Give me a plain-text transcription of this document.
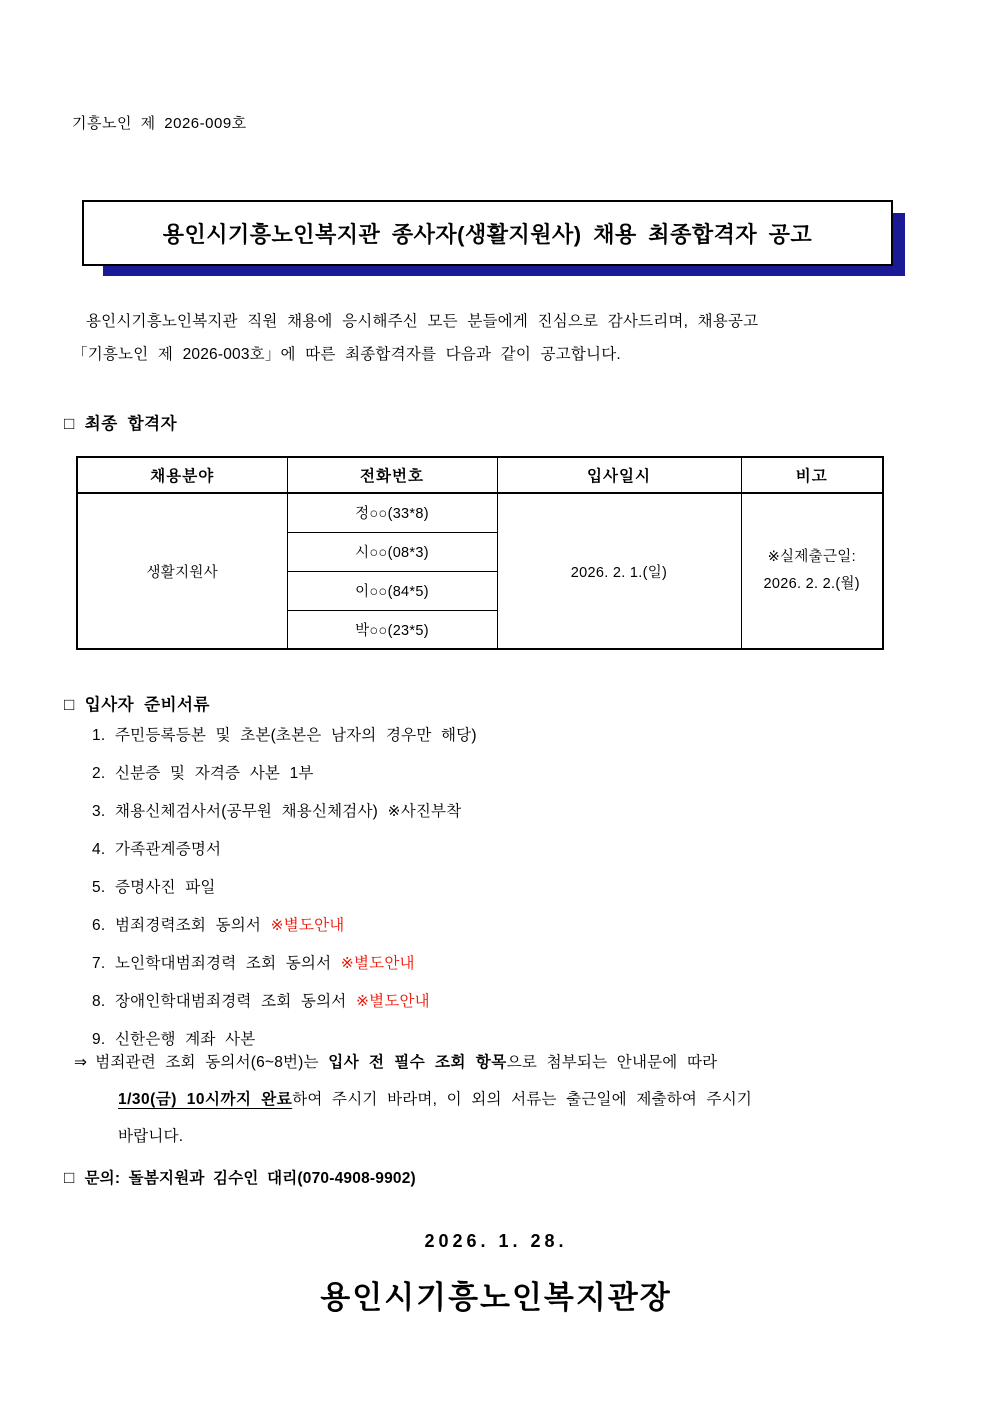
기흥노인 제 2026-009호
용인시기흥노인복지관 종사자(생활지원사) 채용 최종합격자 공고
용인시기흥노인복지관 직원 채용에 응시해주신 모든 분들에게 진심으로 감사드리며, 채용공고
「기흥노인 제 2026-003호」에 따른 최종합격자를 다음과 같이 공고합니다.
□ 최종 합격자
채용분야	전화번호	입사일시	비고
생활지원사	정○○(33*8)	2026. 2. 1.(일)	※실제출근일:
2026. 2. 2.(월)

	시○○(08*3)		
	이○○(84*5)		
	박○○(23*5)		
□ 입사자 준비서류
1. 주민등록등본 및 초본(초본은 남자의 경우만 해당)
2. 신분증 및 자격증 사본 1부
3. 채용신체검사서(공무원 채용신체검사) ※사진부착
4. 가족관계증명서
5. 증명사진 파일
6. 범죄경력조회 동의서 ※별도안내
7. 노인학대범죄경력 조회 동의서 ※별도안내
8. 장애인학대범죄경력 조회 동의서 ※별도안내
9. 신한은행 계좌 사본
⇒ 범죄관련 조회 동의서(6~8번)는 입사 전 필수 조회 항목으로 첨부되는 안내문에 따라
1/30(금) 10시까지 완료하여 주시기 바라며, 이 외의 서류는 출근일에 제출하여 주시기
바랍니다.
□ 문의: 돌봄지원과 김수인 대리(070-4908-9902)
2026. 1. 28.
용인시기흥노인복지관장
